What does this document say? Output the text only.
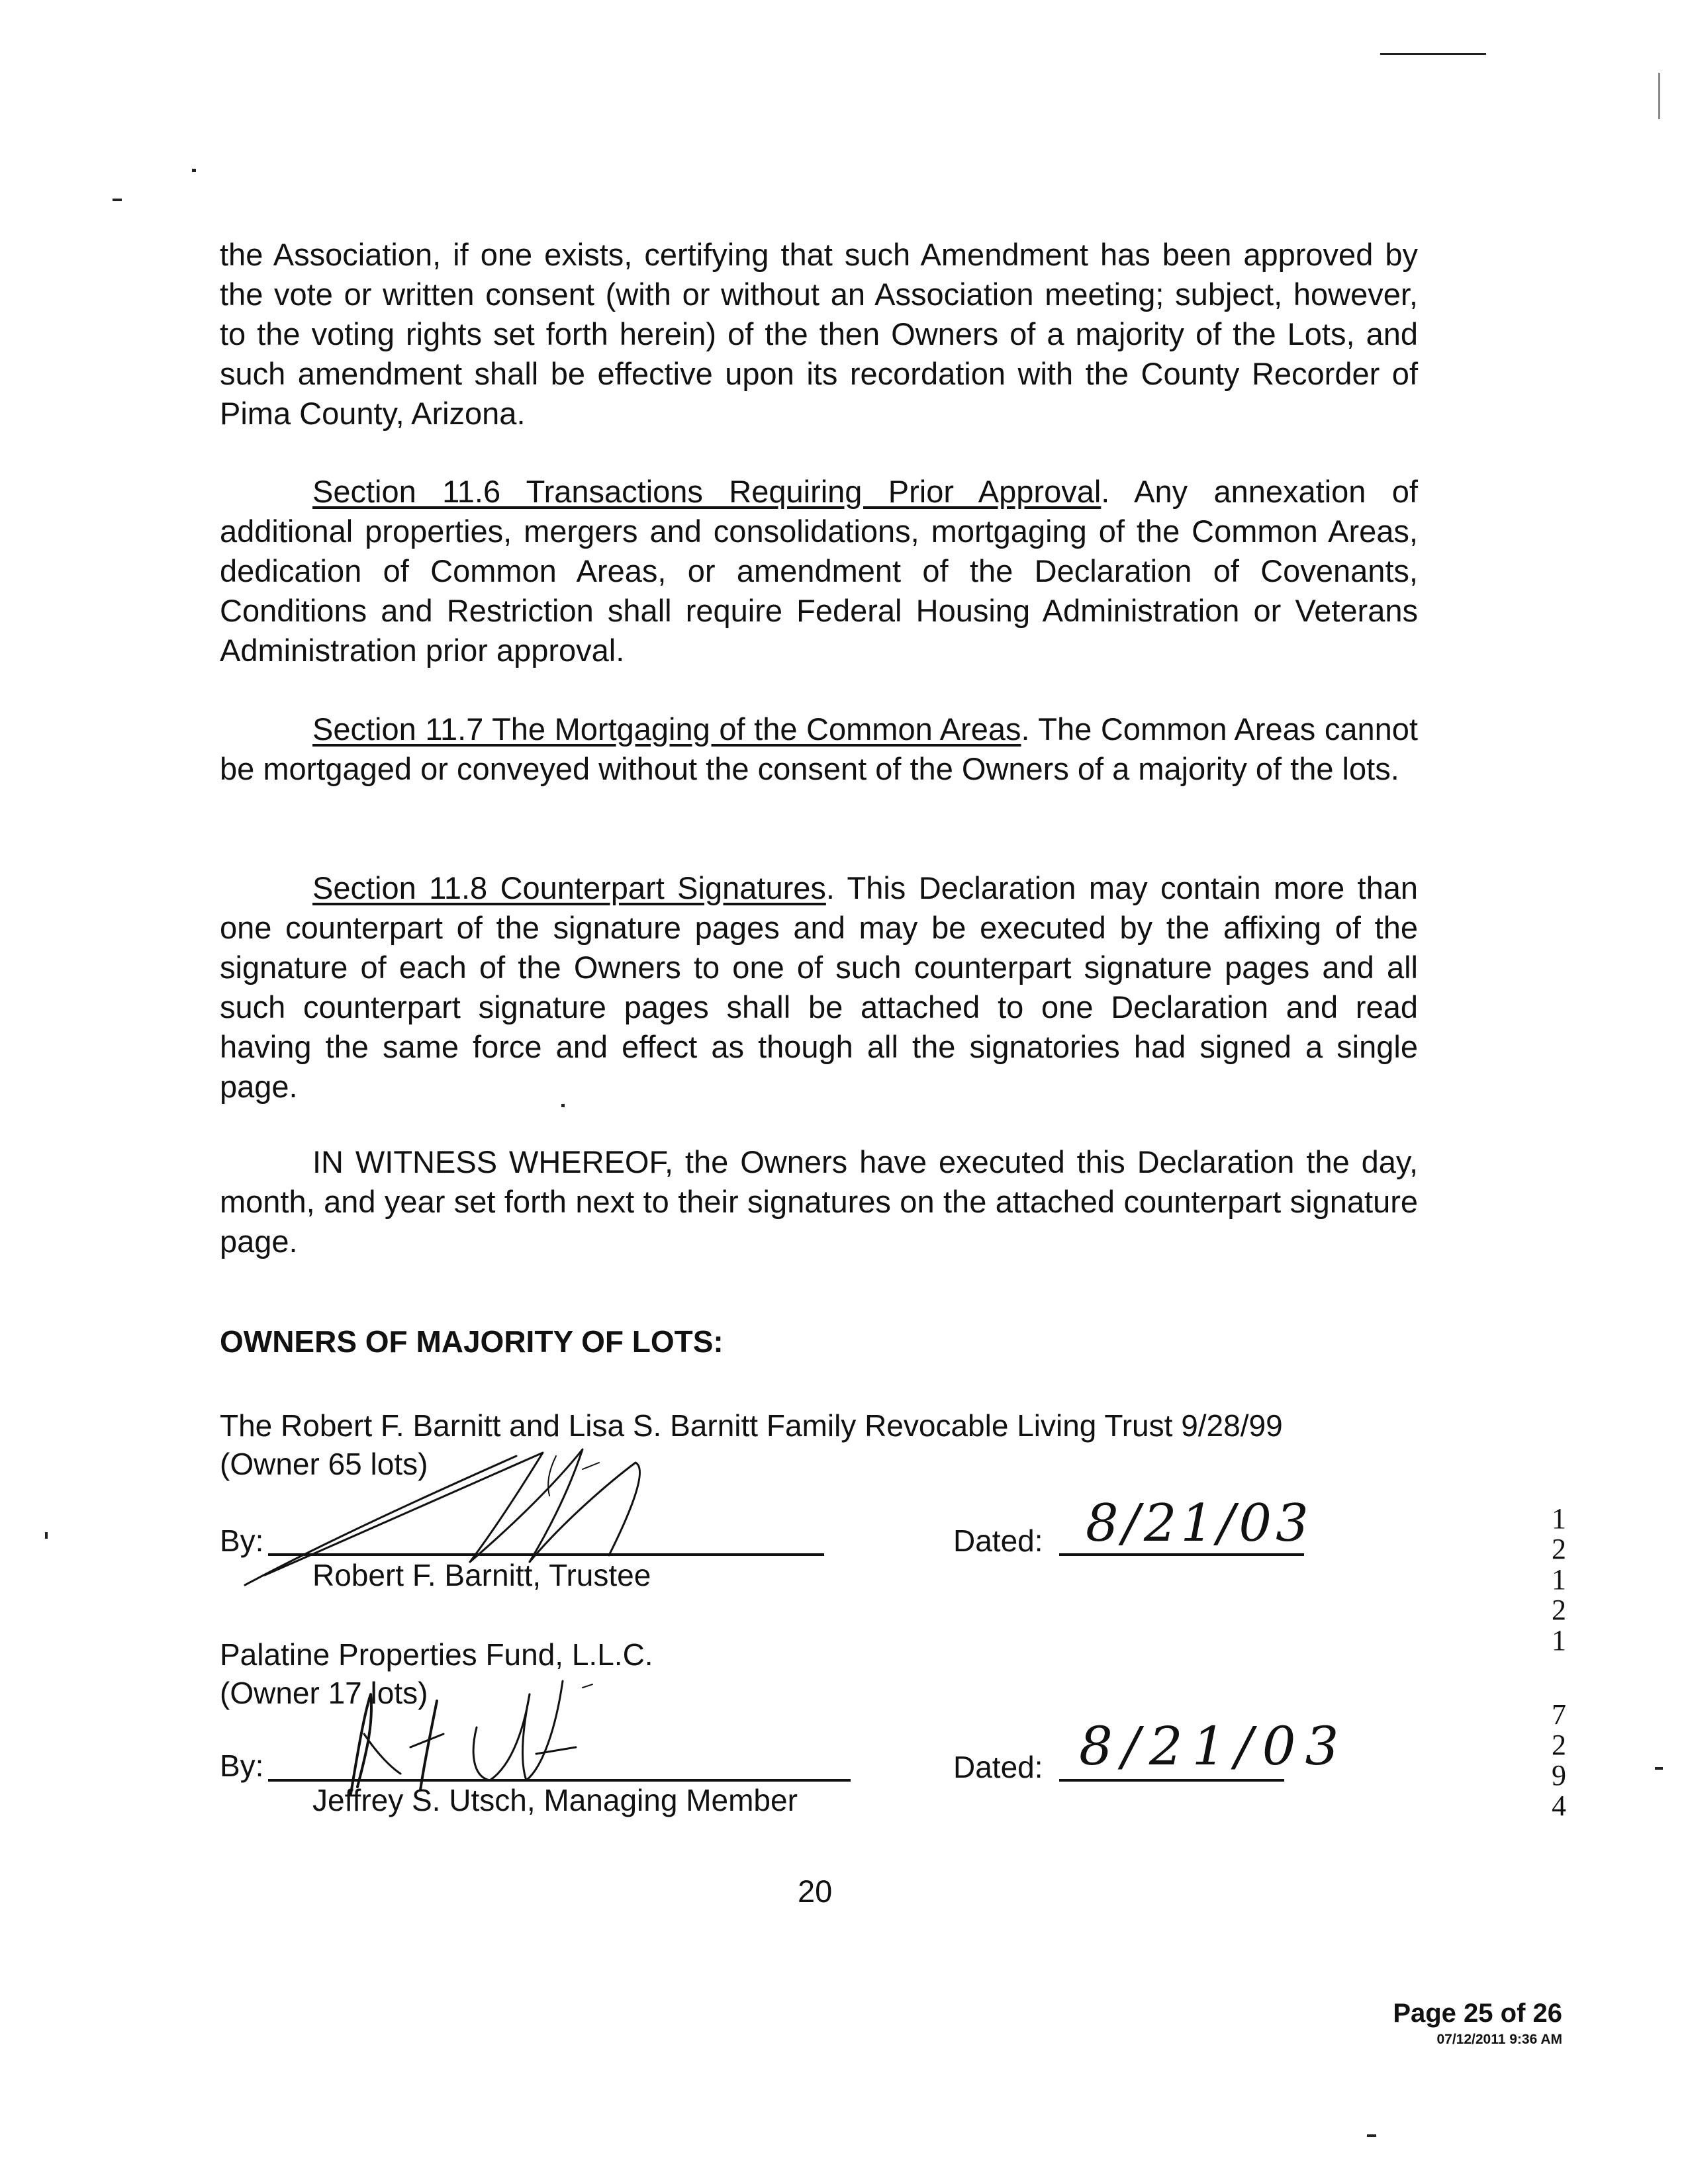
the Association, if one exists, certifying that such Amendment has been approved by the vote or written consent (with or without an Association meeting; subject, however, to the voting rights set forth herein) of the then Owners of a majority of the Lots, and such amendment shall be effective upon its recordation with the County Recorder of Pima County, Arizona.

Section 11.6 Transactions Requiring Prior Approval. Any annexation of additional properties, mergers and consolidations, mortgaging of the Common Areas, dedication of Common Areas, or amendment of the Declaration of Covenants, Conditions and Restriction shall require Federal Housing Administration or Veterans Administration prior approval.

Section 11.7 The Mortgaging of the Common Areas. The Common Areas cannot be mortgaged or conveyed without the consent of the Owners of a majority of the lots.

Section 11.8 Counterpart Signatures. This Declaration may contain more than one counterpart of the signature pages and may be executed by the affixing of the signature of each of the Owners to one of such counterpart signature pages and all such counterpart signature pages shall be attached to one Declaration and read having the same force and effect as though all the signatories had signed a single page.

IN WITNESS WHEREOF, the Owners have executed this Declaration the day, month, and year set forth next to their signatures on the attached counterpart signature page.

OWNERS OF MAJORITY OF LOTS:

The Robert F. Barnitt and Lisa S. Barnitt Family Revocable Living Trust 9/28/99
(Owner 65 lots)
By:
Robert F. Barnitt, Trustee
Dated: 8/21/03
Palatine Properties Fund, L.L.C.
(Owner 17 lots)
By:
Jeffrey S. Utsch, Managing Member
Dated: 8/21/03
1
2
1
2
1
7
2
9
4
20
Page 25 of 26
07/12/2011 9:36 AM
